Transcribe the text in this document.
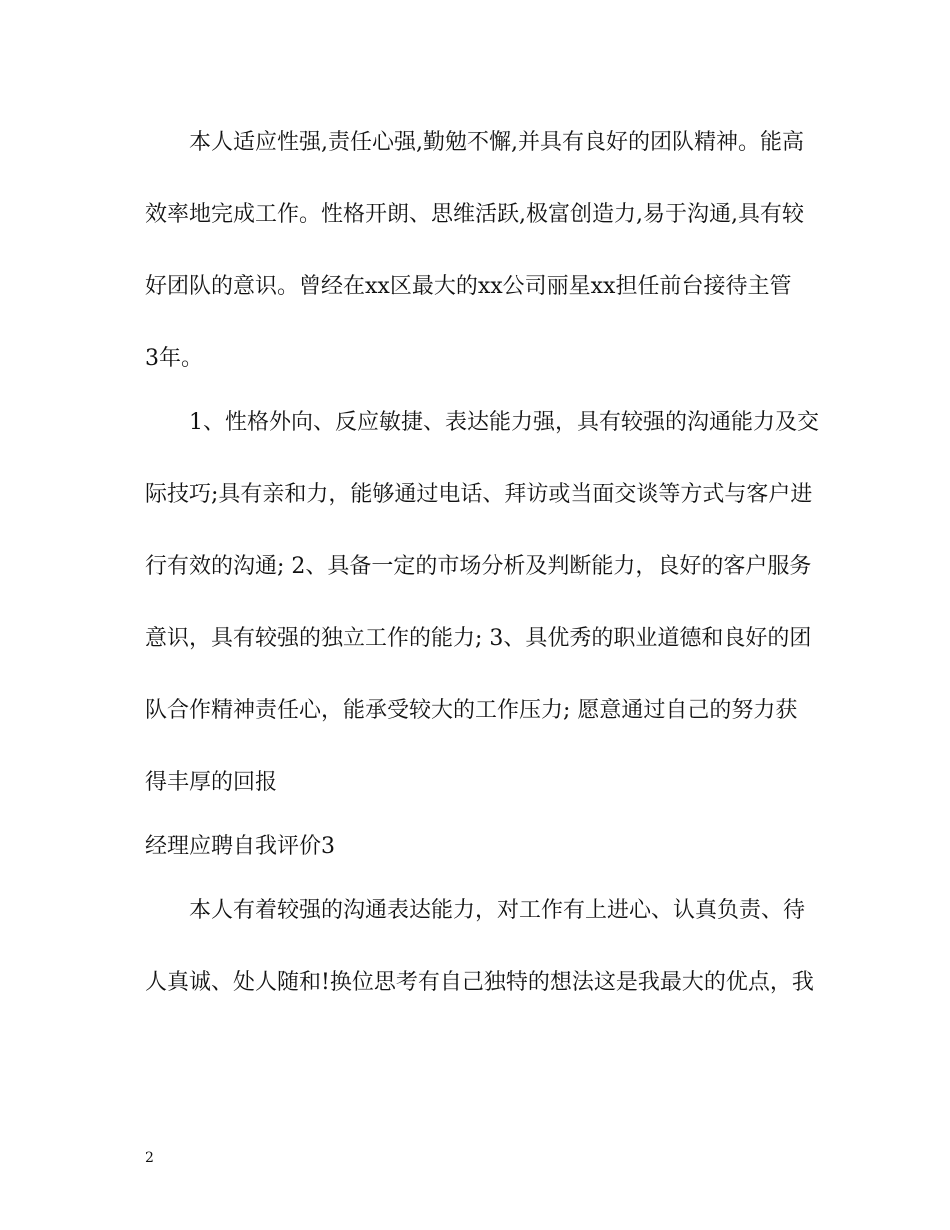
　　本人适应性强,责任心强,勤勉不懈,并具有良好的团队精神。能高
效率地完成工作。性格开朗、思维活跃,极富创造力,易于沟通,具有较
好团队的意识。曾经在xx区最大的xx公司丽星xx担任前台接待主管
3年。
　　1、性格外向、反应敏捷、表达能力强，具有较强的沟通能力及交
际技巧;具有亲和力，能够通过电话、拜访或当面交谈等方式与客户进
行有效的沟通; 2、具备一定的市场分析及判断能力，良好的客户服务
意识，具有较强的独立工作的能力; 3、具优秀的职业道德和良好的团
队合作精神责任心，能承受较大的工作压力; 愿意通过自己的努力获
得丰厚的回报
经理应聘自我评价3
　　本人有着较强的沟通表达能力，对工作有上进心、认真负责、待
人真诚、处人随和!换位思考有自己独特的想法这是我最大的优点，我
2
